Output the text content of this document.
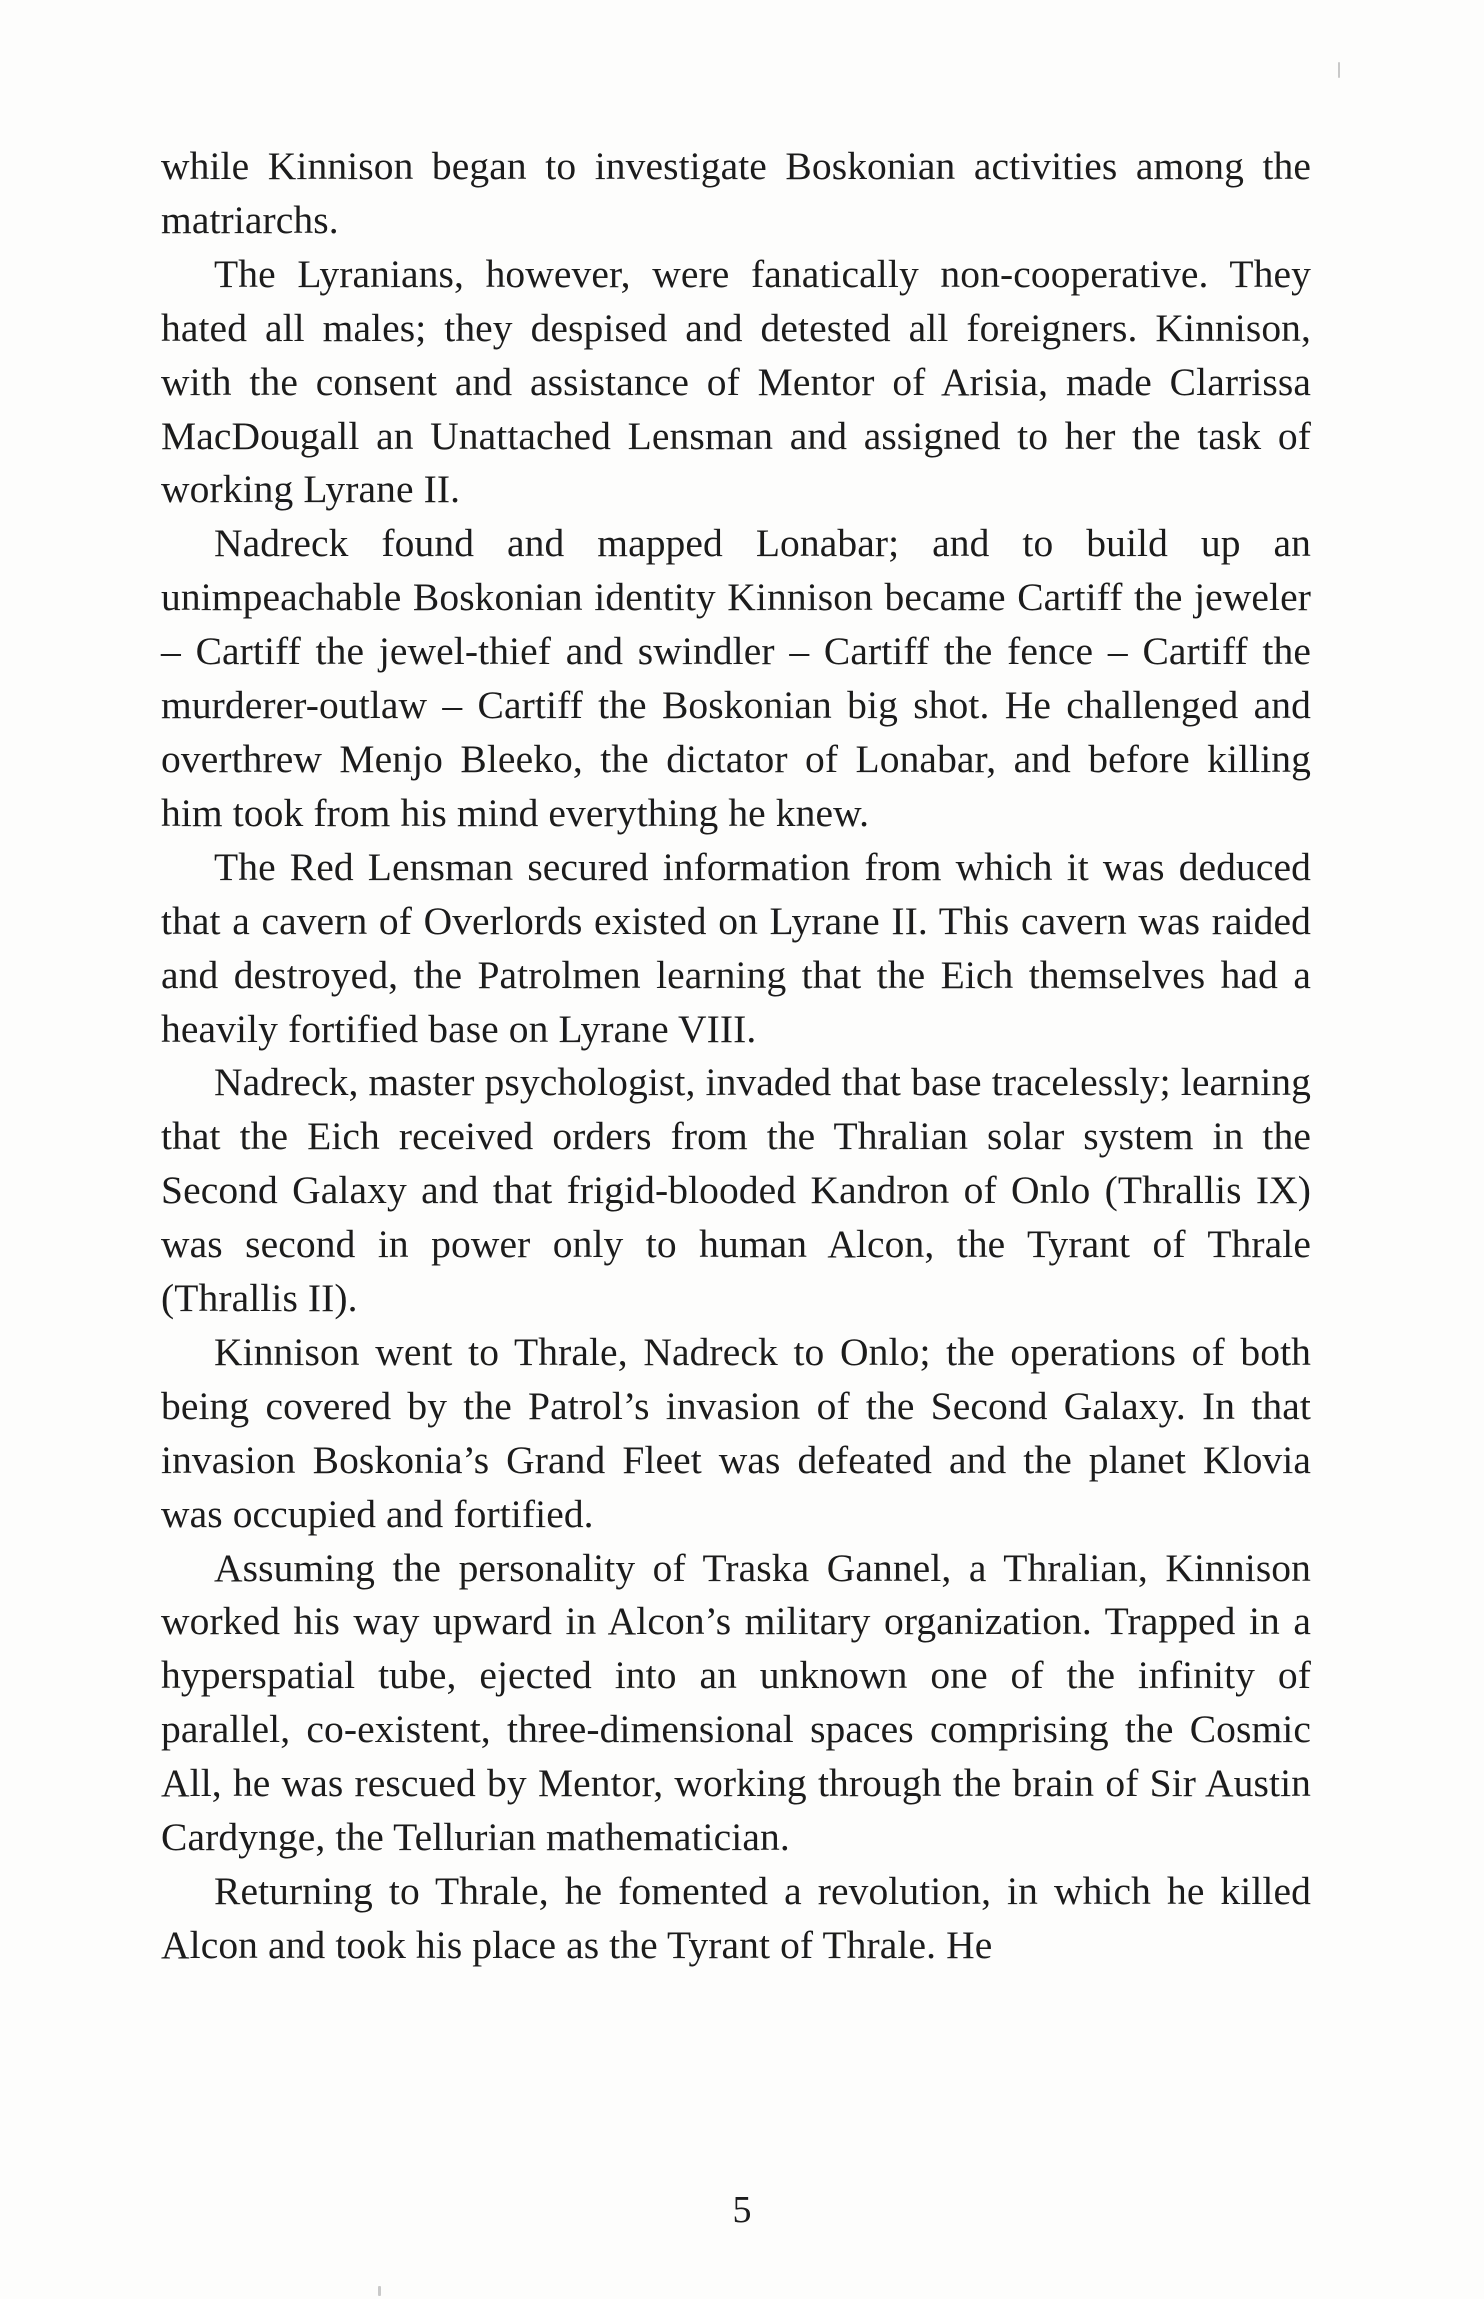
while Kinnison began to investigate Boskonian activities among the matriarchs.

The Lyranians, however, were fanatically non-cooperative. They hated all males; they despised and detested all foreigners. Kinnison, with the consent and assistance of Mentor of Arisia, made Clarrissa MacDougall an Unattached Lensman and assigned to her the task of working Lyrane II.

Nadreck found and mapped Lonabar; and to build up an unimpeachable Boskonian identity Kinnison became Cartiff the jeweler – Cartiff the jewel-thief and swindler – Cartiff the fence – Cartiff the murderer-outlaw – Cartiff the Boskonian big shot. He challenged and overthrew Menjo Bleeko, the dictator of Lonabar, and before killing him took from his mind everything he knew.

The Red Lensman secured information from which it was deduced that a cavern of Overlords existed on Lyrane II. This cavern was raided and destroyed, the Patrolmen learning that the Eich themselves had a heavily fortified base on Lyrane VIII.

Nadreck, master psychologist, invaded that base tracelessly; learning that the Eich received orders from the Thralian solar system in the Second Galaxy and that frigid-blooded Kandron of Onlo (Thrallis IX) was second in power only to human Alcon, the Tyrant of Thrale (Thrallis II).

Kinnison went to Thrale, Nadreck to Onlo; the operations of both being covered by the Patrol’s invasion of the Second Galaxy. In that invasion Boskonia’s Grand Fleet was defeated and the planet Klovia was occupied and fortified.

Assuming the personality of Traska Gannel, a Thralian, Kinnison worked his way upward in Alcon’s military organization. Trapped in a hyperspatial tube, ejected into an unknown one of the infinity of parallel, co-existent, three-dimensional spaces comprising the Cosmic All, he was rescued by Mentor, working through the brain of Sir Austin Cardynge, the Tellurian mathematician.

Returning to Thrale, he fomented a revolution, in which he killed Alcon and took his place as the Tyrant of Thrale. He

5
